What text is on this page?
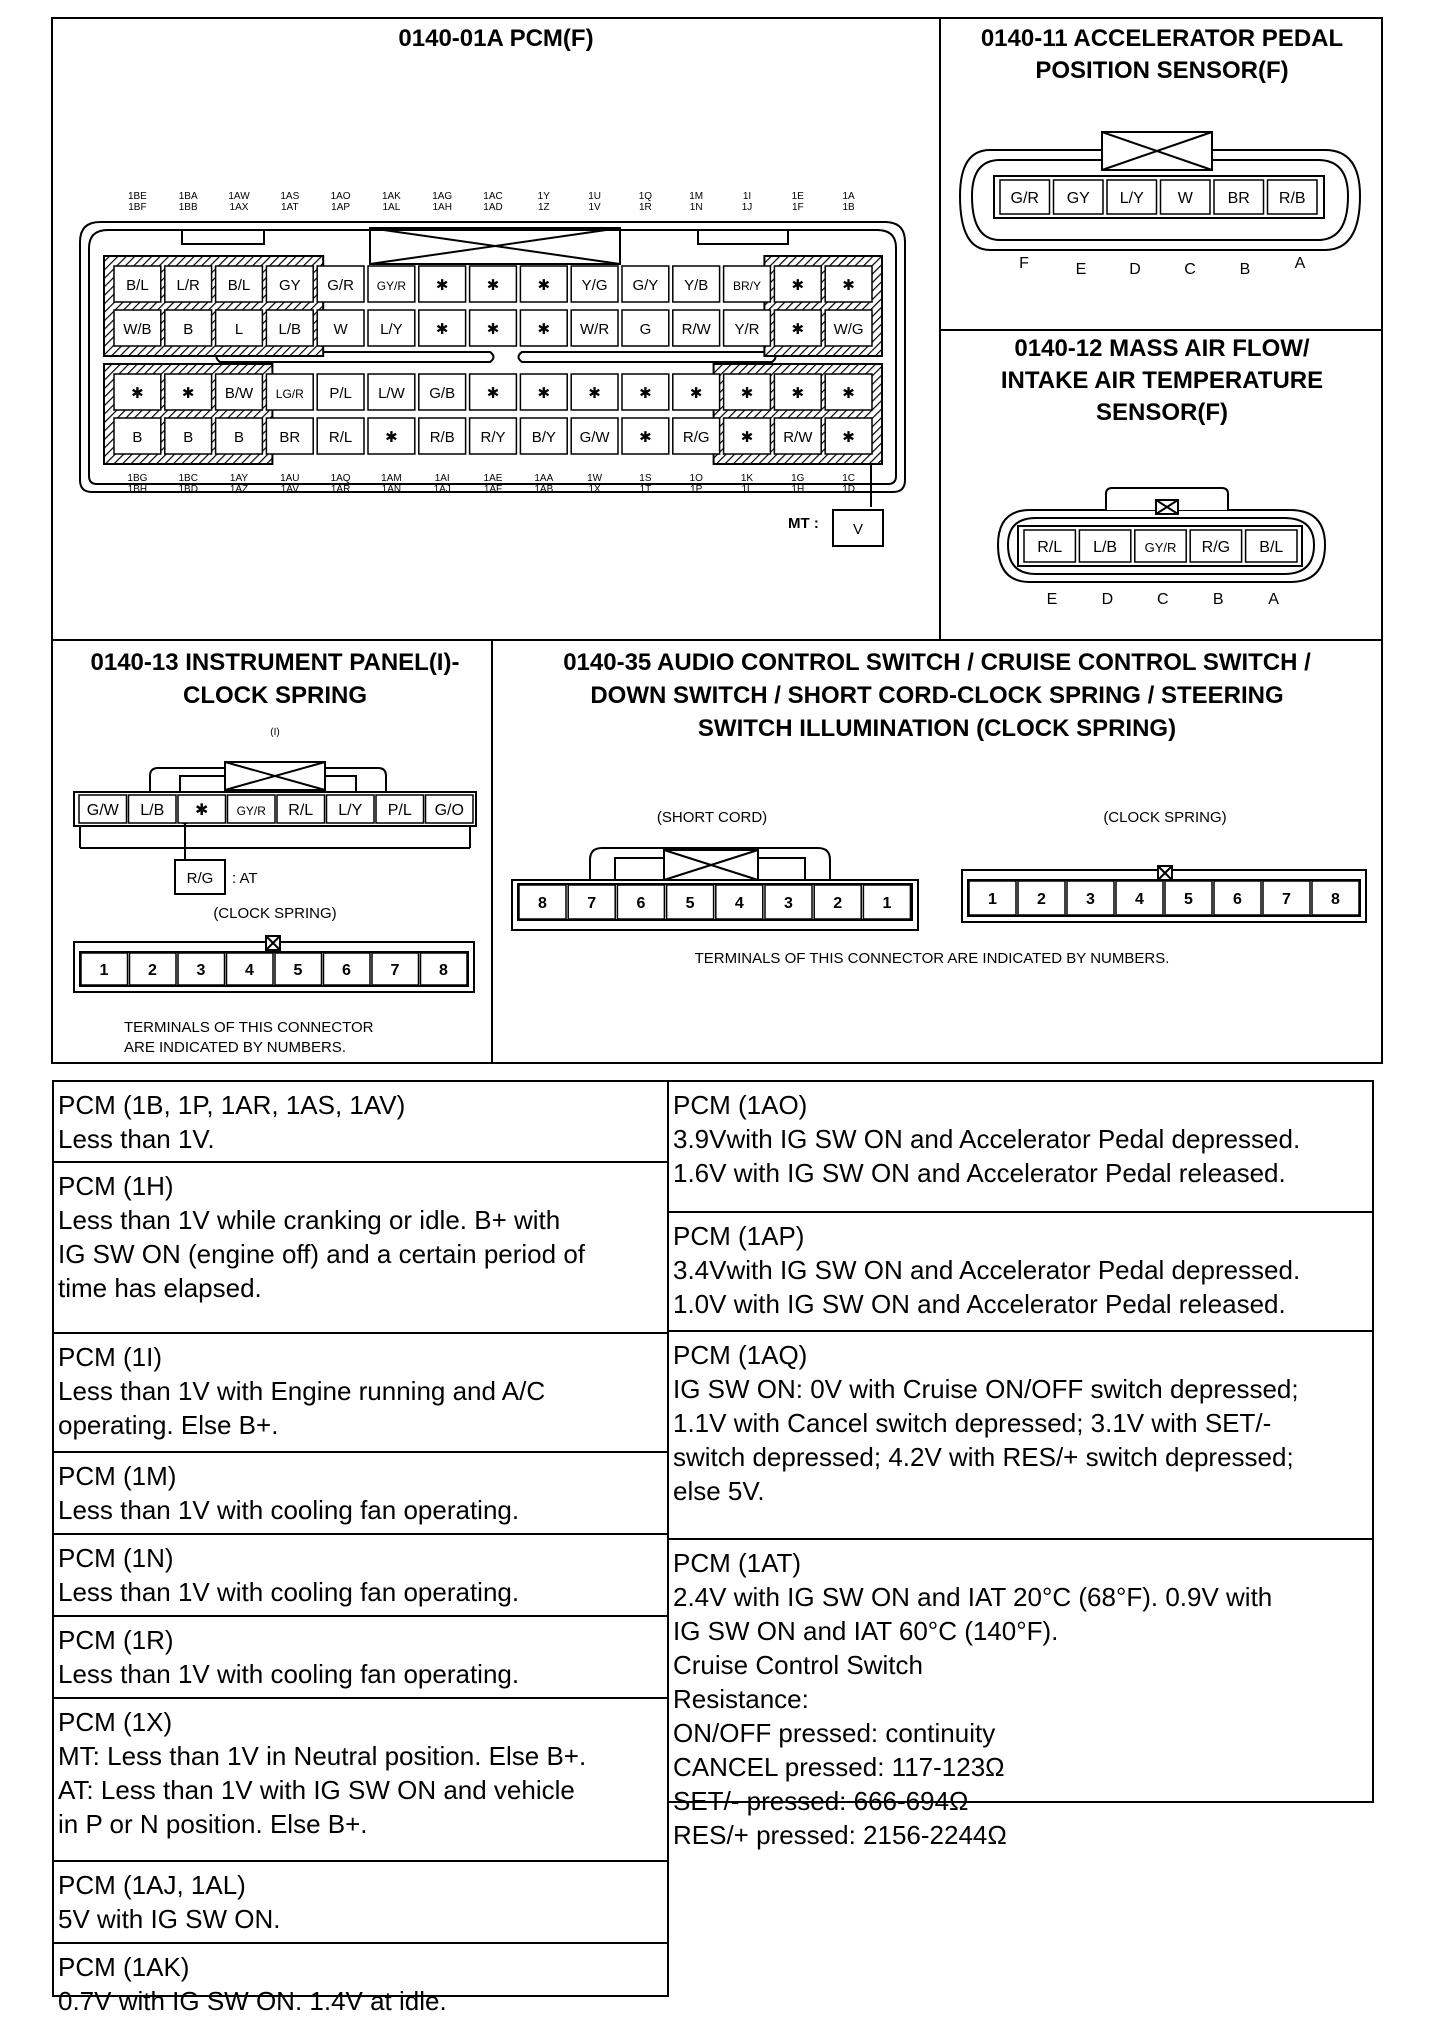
0140-01A PCM(F)
1BE
1BF
1BA
1BB
1AW
1AX
1AS
1AT
1AO
1AP
1AK
1AL
1AG
1AH
1AC
1AD
1Y
1Z
1U
1V
1Q
1R
1M
1N
1I
1J
1E
1F
1A
1B
1BG
1BH
1BC
1BD
1AY
1AZ
1AU
1AV
1AQ
1AR
1AM
1AN
1AI
1AJ
1AE
1AF
1AA
1AB
1W
1X
1S
1T
1O
1P
1K
1L
1G
1H
1C
1D
B/L L/R B/L GY G/R GY/R ✱	✱	✱ Y/G G/Y Y/B BR/Y ✱	✱
W/B B	L L/B W L/Y ✱	✱	✱ W/R G R/W Y/R ✱ W/G
✱	✱ B/W LG/R P/L L/W G/B ✱	✱	✱	✱	✱	✱	✱	✱
B	B	B BR R/L ✱ R/B R/Y B/Y G/W ✱ R/G ✱ R/W ✱
MT : V
0140-11 ACCELERATOR PEDAL
POSITION SENSOR(F)
G/R GY L/Y W BR R/B
F	E	D	C	B	A
0140-12 MASS AIR FLOW/
INTAKE AIR TEMPERATURE
SENSOR(F)
R/L L/B GY/R R/G B/L
E	D	C	B	A
0140-13 INSTRUMENT PANEL(I)-
CLOCK SPRING
(I)
G/W L/B ✱ GY/R R/L L/Y P/L G/O
R/G : AT
(CLOCK SPRING)
1 2 3 4 5 6 7 8
TERMINALS OF THIS CONNECTOR
ARE INDICATED BY NUMBERS.
0140-35 AUDIO CONTROL SWITCH / CRUISE CONTROL SWITCH /
DOWN SWITCH / SHORT CORD-CLOCK SPRING / STEERING
SWITCH ILLUMINATION (CLOCK SPRING)
(SHORT CORD)	(CLOCK SPRING)
8	7	6	5	4	3	2	1	1	2	3	4	5	6	7	8
TERMINALS OF THIS CONNECTOR ARE INDICATED BY NUMBERS.
PCM (1B, 1P, 1AR, 1AS, 1AV)
Less than 1V.
PCM (1H)
Less than 1V while cranking or idle. B+ with
IG SW ON (engine off) and a certain period of
time has elapsed.
PCM (1I)
Less than 1V with Engine running and A/C
operating. Else B+.
PCM (1M)
Less than 1V with cooling fan operating.
PCM (1N)
Less than 1V with cooling fan operating.
PCM (1R)
Less than 1V with cooling fan operating.
PCM (1X)
MT: Less than 1V in Neutral position. Else B+.
AT: Less than 1V with IG SW ON and vehicle
in P or N position. Else B+.
PCM (1AJ, 1AL)
5V with IG SW ON.
PCM (1AK)
0.7V with IG SW ON. 1.4V at idle.
PCM (1AO)
3.9Vwith IG SW ON and Accelerator Pedal depressed.
1.6V with IG SW ON and Accelerator Pedal released.
PCM (1AP)
3.4Vwith IG SW ON and Accelerator Pedal depressed.
1.0V with IG SW ON and Accelerator Pedal released.
PCM (1AQ)
IG SW ON: 0V with Cruise ON/OFF switch depressed;
1.1V with Cancel switch depressed; 3.1V with SET/-
switch depressed; 4.2V with RES/+ switch depressed;
else 5V.
PCM (1AT)
2.4V with IG SW ON and IAT 20°C (68°F). 0.9V with
IG SW ON and IAT 60°C (140°F).
Cruise Control Switch
Resistance:
ON/OFF pressed: continuity
CANCEL pressed: 117-123Ω
SET/- pressed: 666-694Ω
RES/+ pressed: 2156-2244Ω
